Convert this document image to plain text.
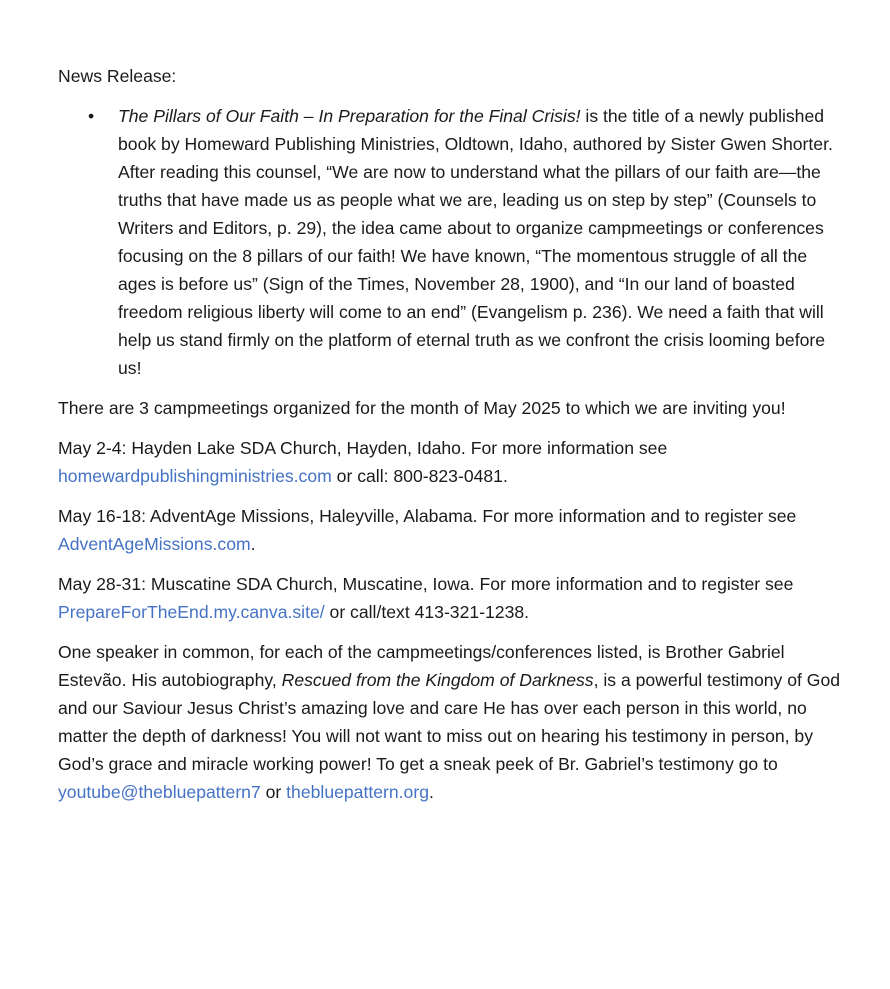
News Release:

• The Pillars of Our Faith – In Preparation for the Final Crisis! is the title of a newly published book by Homeward Publishing Ministries, Oldtown, Idaho, authored by Sister Gwen Shorter. After reading this counsel, “We are now to understand what the pillars of our faith are—the truths that have made us as people what we are, leading us on step by step” (Counsels to Writers and Editors, p. 29), the idea came about to organize campmeetings or conferences focusing on the 8 pillars of our faith! We have known, “The momentous struggle of all the ages is before us” (Sign of the Times, November 28, 1900), and “In our land of boasted freedom religious liberty will come to an end” (Evangelism p. 236). We need a faith that will help us stand firmly on the platform of eternal truth as we confront the crisis looming before us!

There are 3 campmeetings organized for the month of May 2025 to which we are inviting you!

May 2-4: Hayden Lake SDA Church, Hayden, Idaho. For more information see homewardpublishingministries.com or call: 800-823-0481.

May 16-18: AdventAge Missions, Haleyville, Alabama. For more information and to register see AdventAgeMissions.com.

May 28-31: Muscatine SDA Church, Muscatine, Iowa. For more information and to register seePrepareForTheEnd.my.canva.site/ or call/text 413-321-1238.

One speaker in common, for each of the campmeetings/conferences listed, is Brother Gabriel Estevão. His autobiography, Rescued from the Kingdom of Darkness, is a powerful testimony of God and our Saviour Jesus Christ’s amazing love and care He has over each person in this world, no matter the depth of darkness! You will not want to miss out on hearing his testimony in person, by God’s grace and miracle working power! To get a sneak peek of Br. Gabriel’s testimony go to youtube@thebluepattern7 or thebluepattern.org.
